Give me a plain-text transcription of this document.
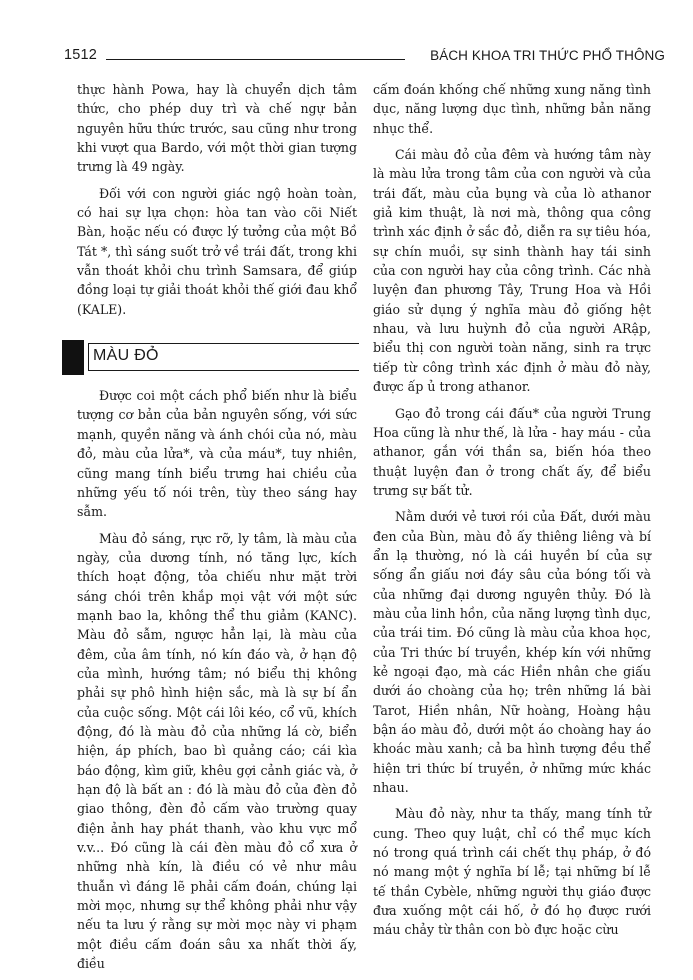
1512	BÁCH KHOA TRI THỨC PHỔ THÔNG

thực hành Powa, hay là chuyển dịch tâm thức, cho phép duy trì và chế ngự bản nguyên hữu thức trước, sau cũng như trong khi vượt qua Bardo, với một thời gian tượng trưng là 49 ngày.

Đối với con người giác ngộ hoàn toàn, có hai sự lựa chọn: hòa tan vào cõi Niết Bàn, hoặc nếu có được lý tưởng của một Bồ Tát *, thì sáng suốt trở về trái đất, trong khi vẫn thoát khỏi chu trình Samsara, để giúp đồng loại tự giải thoát khỏi thế giới đau khổ (KALE).

MÀU ĐỎ

Được coi một cách phổ biến như là biểu tượng cơ bản của bản nguyên sống, với sức mạnh, quyền năng và ánh chói của nó, màu đỏ, màu của lửa*, và của máu*, tuy nhiên, cũng mang tính biểu trưng hai chiều của những yếu tố nói trên, tùy theo sáng hay sẫm.

Màu đỏ sáng, rực rỡ, ly tâm, là màu của ngày, của dương tính, nó tăng lực, kích thích hoạt động, tỏa chiếu như mặt trời sáng chói trên khắp mọi vật với một sức mạnh bao la, không thể thu giảm (KANC). Màu đỏ sẫm, ngược hẳn lại, là màu của đêm, của âm tính, nó kín đáo và, ở hạn độ của mình, hướng tâm; nó biểu thị không phải sự phô hình hiện sắc, mà là sự bí ẩn của cuộc sống. Một cái lôi kéo, cổ vũ, khích động, đó là màu đỏ của những lá cờ, biển hiện, áp phích, bao bì quảng cáo; cái kìa báo động, kìm giữ, khêu gợi cảnh giác và, ở hạn độ là bất an : đó là màu đỏ của đèn đỏ giao thông, đèn đỏ cấm vào trường quay điện ảnh hay phát thanh, vào khu vực mổ v.v... Đó cũng là cái đèn màu đỏ cổ xưa ở những nhà kín, là điều có vẻ như mâu thuẫn vì đáng lẽ phải cấm đoán, chúng lại mời mọc, nhưng sự thể không phải như vậy nếu ta lưu ý rằng sự mời mọc này vi phạm một điều cấm đoán sâu xa nhất thời ấy, điều

cấm đoán khống chế những xung năng tình dục, năng lượng dục tình, những bản năng nhục thể.

Cái màu đỏ của đêm và hướng tâm này là màu lửa trong tâm của con người và của trái đất, màu của bụng và của lò athanor giả kim thuật, là nơi mà, thông qua công trình xác định ở sắc đỏ, diễn ra sự tiêu hóa, sự chín muồi, sự sinh thành hay tái sinh của con người hay của công trình. Các nhà luyện đan phương Tây, Trung Hoa và Hồi giáo sử dụng ý nghĩa màu đỏ giống hệt nhau, và lưu huỳnh đỏ của người ARập, biểu thị con người toàn năng, sinh ra trực tiếp từ công trình xác định ở màu đỏ này, được ấp ủ trong athanor.

Gạo đỏ trong cái đấu* của người Trung Hoa cũng là như thế, là lửa - hay máu - của athanor, gắn với thần sa, biến hóa theo thuật luyện đan ở trong chất ấy, để biểu trưng sự bất tử.

Nằm dưới vẻ tươi rói của Đất, dưới màu đen của Bùn, màu đỏ ấy thiêng liêng và bí ẩn lạ thường, nó là cái huyền bí của sự sống ẩn giấu nơi đáy sâu của bóng tối và của những đại dương nguyên thủy. Đó là màu của linh hồn, của năng lượng tình dục, của trái tim. Đó cũng là màu của khoa học, của Tri thức bí truyền, khép kín với những kẻ ngoại đạo, mà các Hiền nhân che giấu dưới áo choàng của họ; trên những lá bài Tarot, Hiền nhân, Nữ hoàng, Hoàng hậu bận áo màu đỏ, dưới một áo choàng hay áo khoác màu xanh; cả ba hình tượng đều thể hiện tri thức bí truyền, ở những mức khác nhau.

Màu đỏ này, như ta thấy, mang tính tử cung. Theo quy luật, chỉ có thể mục kích nó trong quá trình cái chết thụ pháp, ở đó nó mang một ý nghĩa bí lễ; tại những bí lễ tế thần Cybèle, những người thụ giáo được đưa xuống một cái hố, ở đó họ được rưới máu chảy từ thân con bò đực hoặc cừu
